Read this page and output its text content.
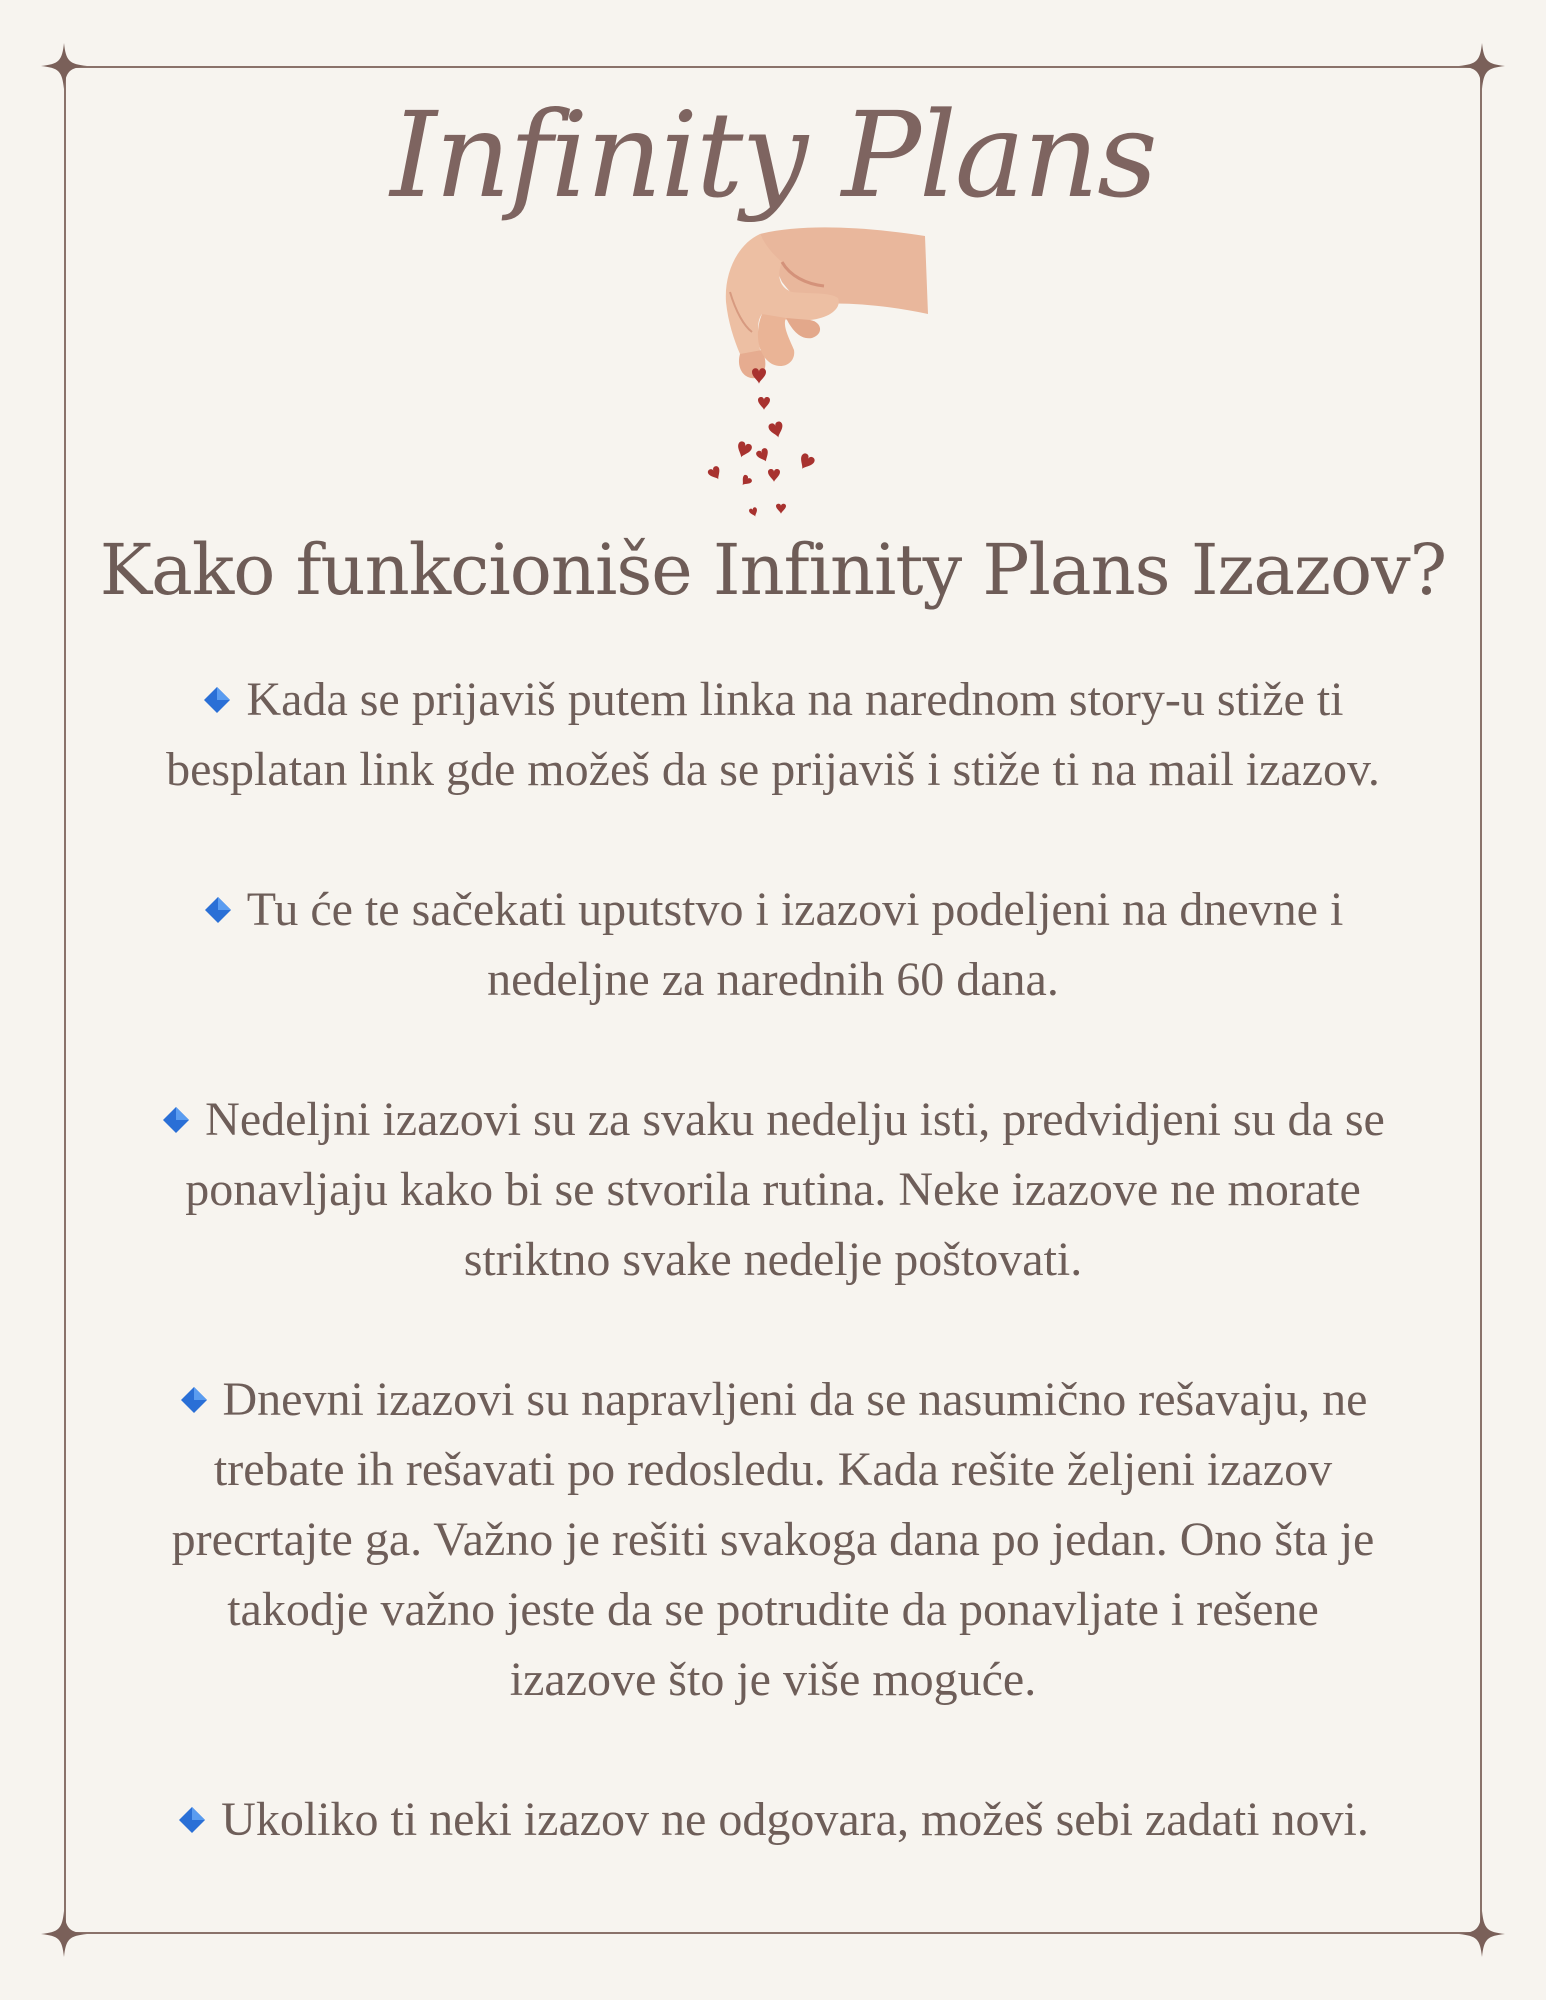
Infinity Plans
Kako funkcioniše Infinity Plans Izazov?
Kada se prijaviš putem linka na narednom story-u stiže ti
besplatan link gde možeš da se prijaviš i stiže ti na mail izazov.
Tu će te sačekati uputstvo i izazovi podeljeni na dnevne i
nedeljne za narednih 60 dana.
Nedeljni izazovi su za svaku nedelju isti, predvidjeni su da se
ponavljaju kako bi se stvorila rutina. Neke izazove ne morate
striktno svake nedelje poštovati.
Dnevni izazovi su napravljeni da se nasumično rešavaju, ne
trebate ih rešavati po redosledu. Kada rešite željeni izazov
precrtajte ga. Važno je rešiti svakoga dana po jedan. Ono šta je
takodje važno jeste da se potrudite da ponavljate i rešene
izazove što je više moguće.
Ukoliko ti neki izazov ne odgovara, možeš sebi zadati novi.
